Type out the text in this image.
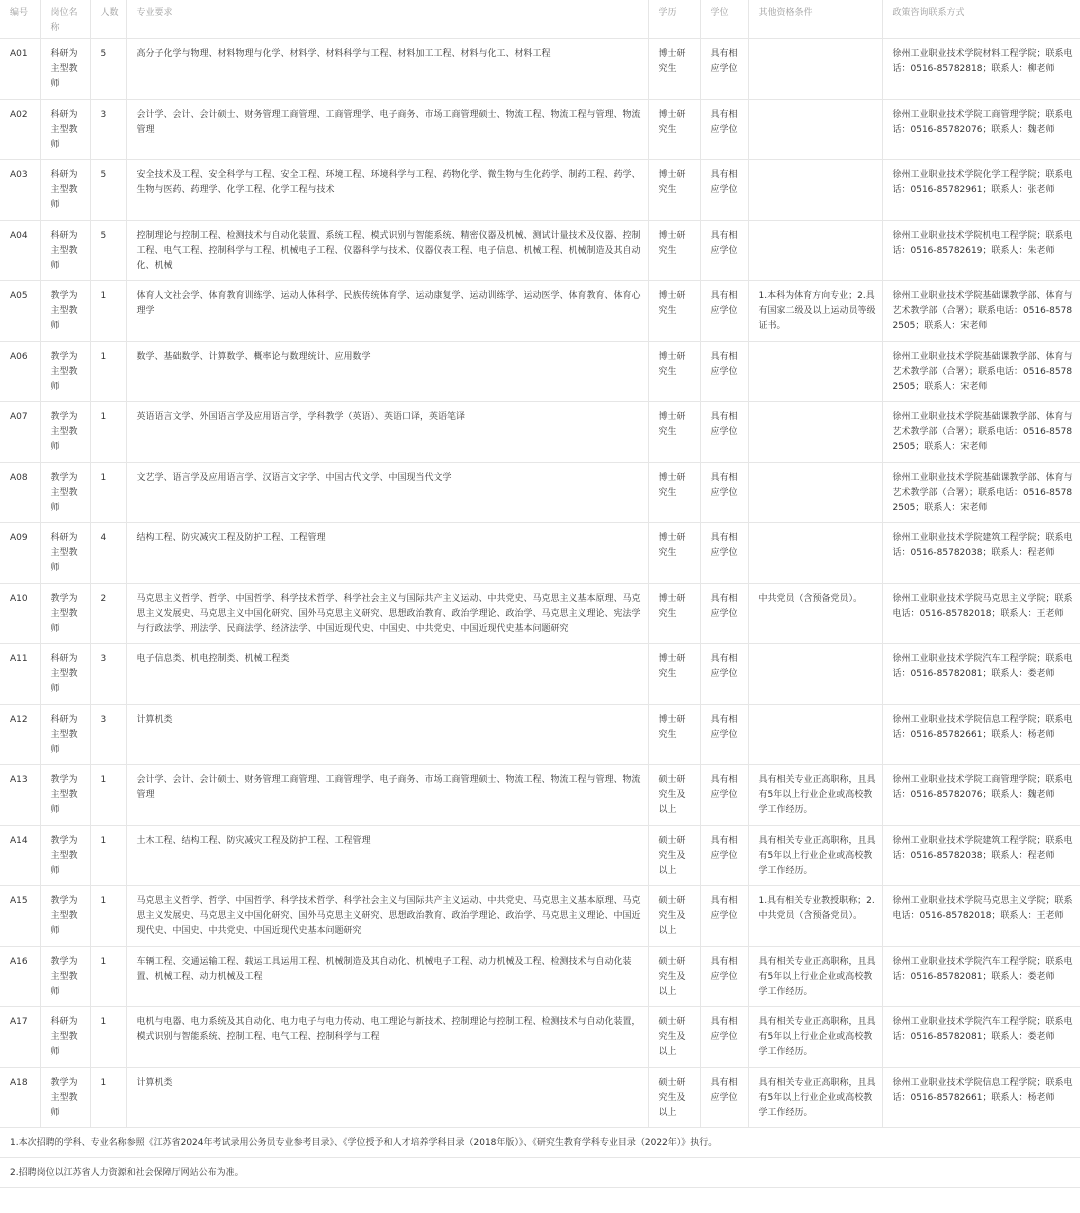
编号	岗位名称	人数	专业要求	学历	学位	其他资格条件	政策咨询联系方式
A01	科研为主型教师	5	高分子化学与物理、材料物理与化学、材料学、材料科学与工程、材料加工工程、材料与化工、材料工程	博士研究生	具有相应学位		徐州工业职业技术学院材料工程学院；联系电话：0516-85782818；联系人：柳老师
A02	科研为主型教师	3	会计学、会计、会计硕士、财务管理工商管理、工商管理学、电子商务、市场工商管理硕士、物流工程、物流工程与管理、物流管理	博士研究生	具有相应学位		徐州工业职业技术学院工商管理学院；联系电话：0516-85782076；联系人：魏老师
A03	科研为主型教师	5	安全技术及工程、安全科学与工程、安全工程、环境工程、环境科学与工程、药物化学、微生物与生化药学、制药工程、药学、生物与医药、药理学、化学工程、化学工程与技术	博士研究生	具有相应学位		徐州工业职业技术学院化学工程学院；联系电话：0516-85782961；联系人：张老师
A04	科研为主型教师	5	控制理论与控制工程、检测技术与自动化装置、系统工程、模式识别与智能系统、精密仪器及机械、测试计量技术及仪器、控制工程、电气工程、控制科学与工程、机械电子工程、仪器科学与技术、仪器仪表工程、电子信息、机械工程、机械制造及其自动化、机械	博士研究生	具有相应学位		徐州工业职业技术学院机电工程学院；联系电话：0516-85782619；联系人：朱老师
A05	教学为主型教师	1	体育人文社会学、体育教育训练学、运动人体科学、民族传统体育学、运动康复学、运动训练学、运动医学、体育教育、体育心理学	博士研究生	具有相应学位	1.本科为体育方向专业；2.具有国家二级及以上运动员等级证书。	徐州工业职业技术学院基础课教学部、体育与艺术教学部（合署）；联系电话：0516-85782505；联系人：宋老师
A06	教学为主型教师	1	数学、基础数学、计算数学、概率论与数理统计、应用数学	博士研究生	具有相应学位		徐州工业职业技术学院基础课教学部、体育与艺术教学部（合署）；联系电话：0516-85782505；联系人：宋老师
A07	教学为主型教师	1	英语语言文学、外国语言学及应用语言学，学科教学（英语）、英语口译，英语笔译	博士研究生	具有相应学位		徐州工业职业技术学院基础课教学部、体育与艺术教学部（合署）；联系电话：0516-85782505；联系人：宋老师
A08	教学为主型教师	1	文艺学、语言学及应用语言学、汉语言文字学、中国古代文学、中国现当代文学	博士研究生	具有相应学位		徐州工业职业技术学院基础课教学部、体育与艺术教学部（合署）；联系电话：0516-85782505；联系人：宋老师
A09	科研为主型教师	4	结构工程、防灾减灾工程及防护工程、工程管理	博士研究生	具有相应学位		徐州工业职业技术学院建筑工程学院；联系电话：0516-85782038；联系人：程老师
A10	教学为主型教师	2	马克思主义哲学、哲学、中国哲学、科学技术哲学、科学社会主义与国际共产主义运动、中共党史、马克思主义基本原理、马克思主义发展史、马克思主义中国化研究、国外马克思主义研究、思想政治教育、政治学理论、政治学、马克思主义理论、宪法学与行政法学、刑法学、民商法学、经济法学、中国近现代史、中国史、中共党史、中国近现代史基本问题研究	博士研究生	具有相应学位	中共党员（含预备党员）。	徐州工业职业技术学院马克思主义学院；联系电话：0516-85782018；联系人：王老师
A11	科研为主型教师	3	电子信息类、机电控制类、机械工程类	博士研究生	具有相应学位		徐州工业职业技术学院汽车工程学院；联系电话：0516-85782081；联系人：娄老师
A12	科研为主型教师	3	计算机类	博士研究生	具有相应学位		徐州工业职业技术学院信息工程学院；联系电话：0516-85782661；联系人：杨老师
A13	教学为主型教师	1	会计学、会计、会计硕士、财务管理工商管理、工商管理学、电子商务、市场工商管理硕士、物流工程、物流工程与管理、物流管理	硕士研究生及以上	具有相应学位	具有相关专业正高职称，且具有5年以上行业企业或高校教学工作经历。	徐州工业职业技术学院工商管理学院；联系电话：0516-85782076；联系人：魏老师
A14	教学为主型教师	1	土木工程、结构工程、防灾减灾工程及防护工程、工程管理	硕士研究生及以上	具有相应学位	具有相关专业正高职称，且具有5年以上行业企业或高校教学工作经历。	徐州工业职业技术学院建筑工程学院；联系电话：0516-85782038；联系人：程老师
A15	教学为主型教师	1	马克思主义哲学、哲学、中国哲学、科学技术哲学、科学社会主义与国际共产主义运动、中共党史、马克思主义基本原理、马克思主义发展史、马克思主义中国化研究、国外马克思主义研究、思想政治教育、政治学理论、政治学、马克思主义理论、中国近现代史、中国史、中共党史、中国近现代史基本问题研究	硕士研究生及以上	具有相应学位	1.具有相关专业教授职称；2.中共党员（含预备党员）。	徐州工业职业技术学院马克思主义学院；联系电话：0516-85782018；联系人：王老师
A16	教学为主型教师	1	车辆工程、交通运输工程、载运工具运用工程、机械制造及其自动化、机械电子工程、动力机械及工程、检测技术与自动化装置、机械工程、动力机械及工程	硕士研究生及以上	具有相应学位	具有相关专业正高职称，且具有5年以上行业企业或高校教学工作经历。	徐州工业职业技术学院汽车工程学院；联系电话：0516-85782081；联系人：娄老师
A17	科研为主型教师	1	电机与电器、电力系统及其自动化、电力电子与电力传动、电工理论与新技术、控制理论与控制工程、检测技术与自动化装置，模式识别与智能系统、控制工程、电气工程、控制科学与工程	硕士研究生及以上	具有相应学位	具有相关专业正高职称，且具有5年以上行业企业或高校教学工作经历。	徐州工业职业技术学院汽车工程学院；联系电话：0516-85782081；联系人：娄老师
A18	教学为主型教师	1	计算机类	硕士研究生及以上	具有相应学位	具有相关专业正高职称，且具有5年以上行业企业或高校教学工作经历。	徐州工业职业技术学院信息工程学院；联系电话：0516-85782661；联系人：杨老师
1.本次招聘的学科、专业名称参照《江苏省2024年考试录用公务员专业参考目录》、《学位授予和人才培养学科目录（2018年版）》、《研究生教育学科专业目录（2022年）》执行。
2.招聘岗位以江苏省人力资源和社会保障厅网站公布为准。
